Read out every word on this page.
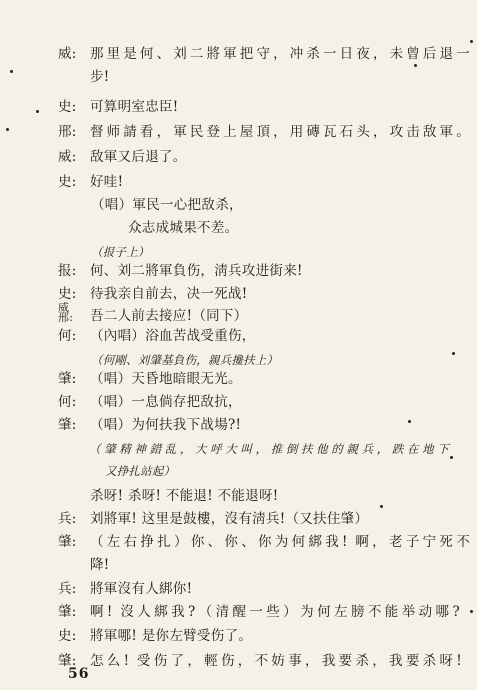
威: 那里是何、刘二將軍把守，冲杀一日夜，未曾后退一
步!
史: 可算明室忠臣!
邢: 督师請看，軍民登上屋頂，用磚瓦石头，攻击敌軍。
威: 敌軍又后退了。
史: 好哇!
（唱）軍民一心把敌杀，
众志成城果不差。
（报子上）
报: 何、刘二將軍負伤，淸兵攻进街来!
史: 待我亲自前去，决一死战!
威 邢: 吾二人前去接应!（同下）
何: （內唱）浴血苦战受重伤，
（何剛、刘肇基負伤，親兵攙扶上）
肇: （唱）天昏地暗眼无光。
何: （唱）一息倘存把敌抗，
肇: （唱）为何扶我下战場?!
（肇精神錯乱，大呼大叫，推倒扶他的親兵，跌在地下
又挣扎站起）
杀呀! 杀呀! 不能退! 不能退呀!
兵: 刘將軍! 这里是鼓樓，沒有淸兵!（又扶住肇）
肇: （左右挣扎）你、你、你为何綁我! 啊，老子宁死不
降!
兵: 將軍沒有人綁你!
肇: 啊! 沒人綁我?（清醒一些）为何左膀不能举动哪?
史: 將軍哪! 是你左臂受伤了。
肇: 怎么! 受伤了，輕伤，不妨事，我要杀，我要杀呀!
56
